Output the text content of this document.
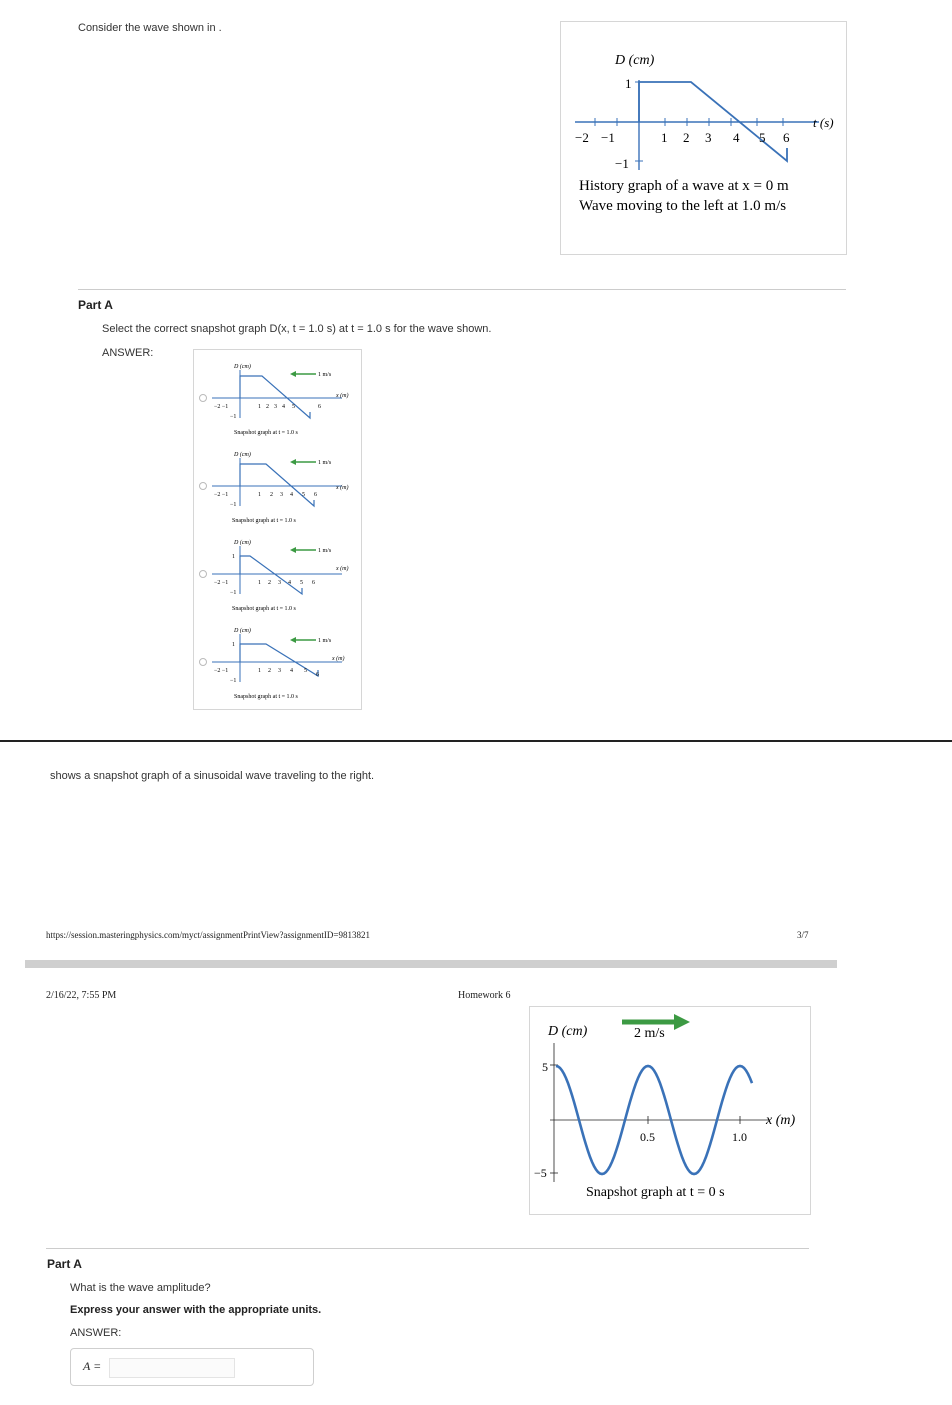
Consider the wave shown in .
D (cm)
1
−1
−2 −1	1 2 3 4 5 6
t (s)
History graph of a wave at x = 0 m
Wave moving to the left at 1.0 m/s
Part A
Select the correct snapshot graph D(x, t = 1.0 s) at t = 1.0 s for the wave shown.
ANSWER:
D (cm)
1 m/s
x (m)
−2 −1	1 2 3 4 5	6
−1
Snapshot graph at t = 1.0 s
D (cm)
1 m/s
x (m)
−2 −1	1 2 3 4 5 6
−1
Snapshot graph at t = 1.0 s
D (cm)
1 m/s
1
x (m)
−2 −1	1 2 3 4 5 6
−1
Snapshot graph at t = 1.0 s
D (cm)
1 m/s
1
x (m)
−2 −1	1 2 3 4 5
6
−1
Snapshot graph at t = 1.0 s
shows a snapshot graph of a sinusoidal wave traveling to the right.
https://session.masteringphysics.com/myct/assignmentPrintView?assignmentID=9813821	3/7
2/16/22, 7:55 PM	Homework 6
D (cm)	2 m/s
5
−5
0.5	1.0
x (m)
Snapshot graph at t = 0 s
Part A
What is the wave amplitude?
Express your answer with the appropriate units.
ANSWER:
A =
